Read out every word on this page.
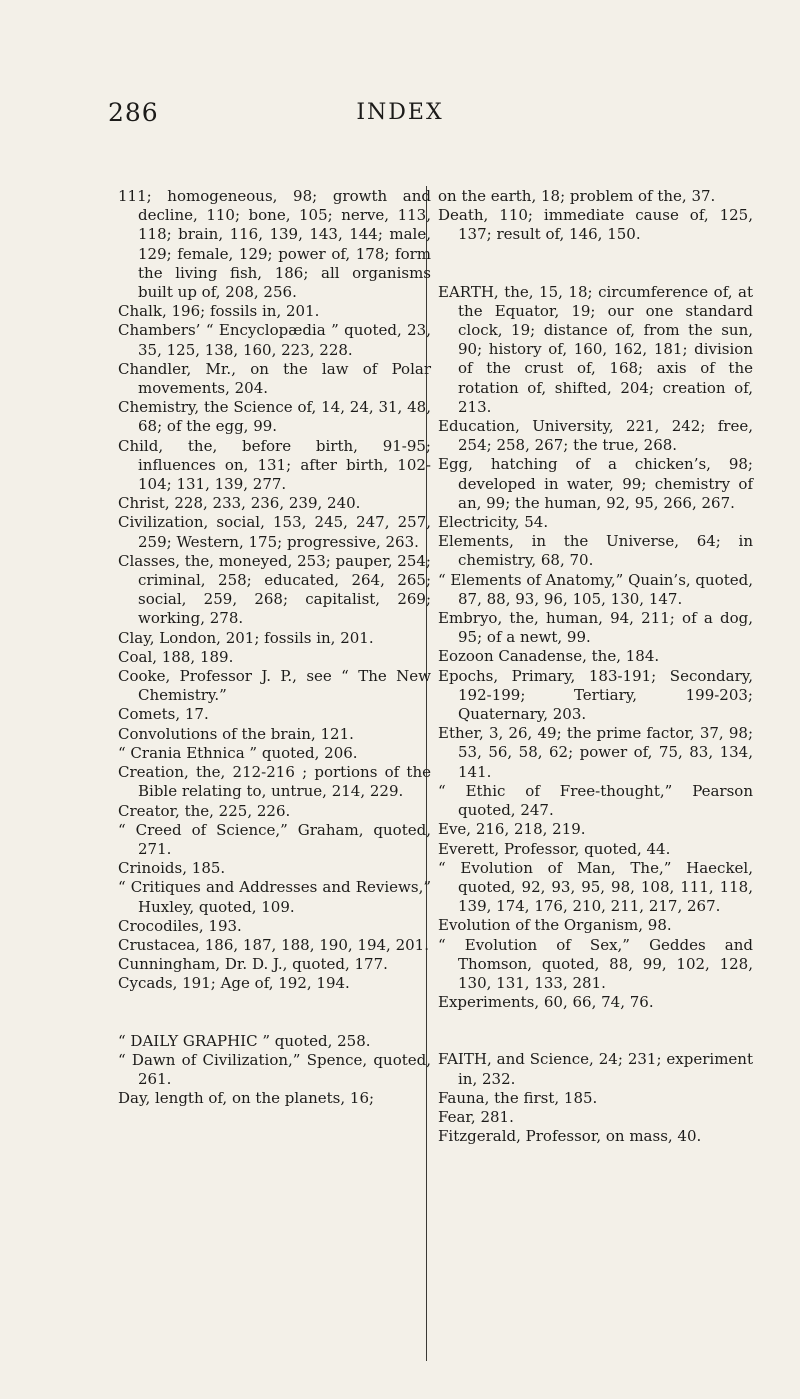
286	INDEX

111; homogeneous, 98; growth and decline, 110; bone, 105; nerve, 113, 118; brain, 116, 139, 143, 144; male, 129; female, 129; power of, 178; form the living fish, 186; all organisms built up of, 208, 256.

Chalk, 196; fossils in, 201.

Chambers’ “ Encyclopædia ” quoted, 23, 35, 125, 138, 160, 223, 228.

Chandler, Mr., on the law of Polar movements, 204.

Chemistry, the Science of, 14, 24, 31, 48, 68; of the egg, 99.

Child, the, before birth, 91-95; influences on, 131; after birth, 102-104; 131, 139, 277.

Christ, 228, 233, 236, 239, 240.

Civilization, social, 153, 245, 247, 257, 259; Western, 175; progressive, 263.

Classes, the, moneyed, 253; pauper, 254; criminal, 258; educated, 264, 265; social, 259, 268; capitalist, 269; working, 278.

Clay, London, 201; fossils in, 201.

Coal, 188, 189.

Cooke, Professor J. P., see “ The New Chemistry.”

Comets, 17.

Convolutions of the brain, 121.

“ Crania Ethnica ” quoted, 206.

Creation, the, 212-216 ; portions of the Bible relating to, untrue, 214, 229.

Creator, the, 225, 226.

“ Creed of Science,” Graham, quoted, 271.

Crinoids, 185.

“ Critiques and Addresses and Reviews,” Huxley, quoted, 109.

Crocodiles, 193.

Crustacea, 186, 187, 188, 190, 194, 201.

Cunningham, Dr. D. J., quoted, 177.

Cycads, 191; Age of, 192, 194.

“ DAILY GRAPHIC ” quoted, 258.

“ Dawn of Civilization,” Spence, quoted, 261.

Day, length of, on the planets, 16;

on the earth, 18; problem of the, 37.

Death, 110; immediate cause of, 125, 137; result of, 146, 150.

EARTH, the, 15, 18; circumference of, at the Equator, 19; our one standard clock, 19; distance of, from the sun, 90; history of, 160, 162, 181; division of the crust of, 168; axis of the rotation of, shifted, 204; creation of, 213.

Education, University, 221, 242; free, 254; 258, 267; the true, 268.

Egg, hatching of a chicken’s, 98; developed in water, 99; chemistry of an, 99; the human, 92, 95, 266, 267.

Electricity, 54.

Elements, in the Universe, 64; in chemistry, 68, 70.

“ Elements of Anatomy,” Quain’s, quoted, 87, 88, 93, 96, 105, 130, 147.

Embryo, the, human, 94, 211; of a dog, 95; of a newt, 99.

Eozoon Canadense, the, 184.

Epochs, Primary, 183-191; Secondary, 192-199; Tertiary, 199-203; Quaternary, 203.

Ether, 3, 26, 49; the prime factor, 37, 98; 53, 56, 58, 62; power of, 75, 83, 134, 141.

“ Ethic of Free-thought,” Pearson quoted, 247.

Eve, 216, 218, 219.

Everett, Professor, quoted, 44.

“ Evolution of Man, The,” Haeckel, quoted, 92, 93, 95, 98, 108, 111, 118, 139, 174, 176, 210, 211, 217, 267.

Evolution of the Organism, 98.

“ Evolution of Sex,” Geddes and Thomson, quoted, 88, 99, 102, 128, 130, 131, 133, 281.

Experiments, 60, 66, 74, 76.

FAITH, and Science, 24; 231; experiment in, 232.

Fauna, the first, 185.

Fear, 281.

Fitzgerald, Professor, on mass, 40.
